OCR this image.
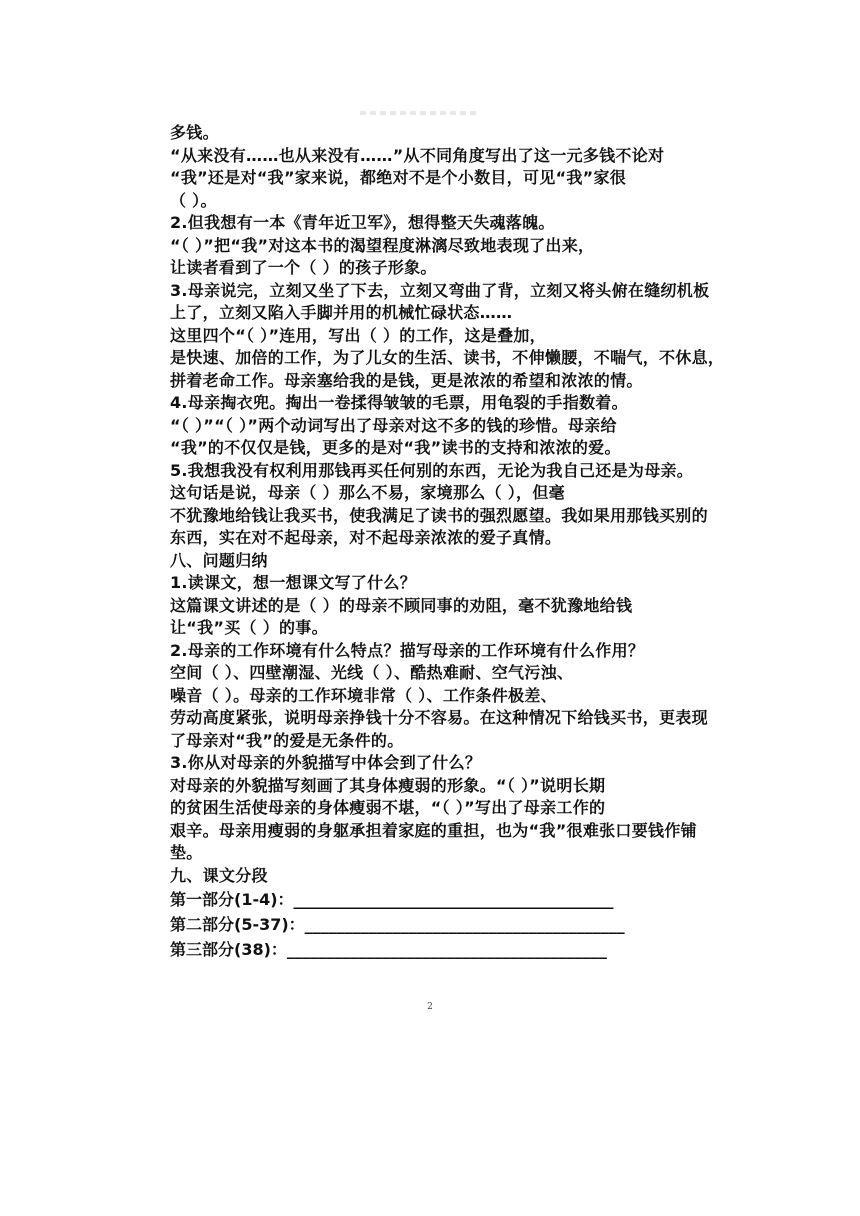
多钱。
“从来没有……也从来没有……”从不同角度写出了这一元多钱不论对
“我”还是对“我”家来说，都绝对不是个小数目，可见“我”家很
（ ）。
2.但我想有一本《青年近卫军》，想得整天失魂落魄。
“（ ）”把“我”对这本书的渴望程度淋漓尽致地表现了出来，
让读者看到了一个（ ）的孩子形象。
3.母亲说完，立刻又坐了下去，立刻又弯曲了背，立刻又将头俯在缝纫机板
上了，立刻又陷入手脚并用的机械忙碌状态……
这里四个“（ ）”连用，写出（ ）的工作，这是叠加，
是快速、加倍的工作，为了儿女的生活、读书，不伸懒腰，不喘气，不休息，
拼着老命工作。母亲塞给我的是钱，更是浓浓的希望和浓浓的情。
4.母亲掏衣兜。掏出一卷揉得皱皱的毛票，用龟裂的手指数着。
“（ ）”“（ ）”两个动词写出了母亲对这不多的钱的珍惜。母亲给
“我”的不仅仅是钱，更多的是对“我”读书的支持和浓浓的爱。
5.我想我没有权利用那钱再买任何别的东西，无论为我自己还是为母亲。
这句话是说，母亲（ ）那么不易，家境那么（ ），但毫
不犹豫地给钱让我买书，使我满足了读书的强烈愿望。我如果用那钱买别的
东西，实在对不起母亲，对不起母亲浓浓的爱子真情。
八、问题归纳
1.读课文，想一想课文写了什么？
这篇课文讲述的是（ ）的母亲不顾同事的劝阻，毫不犹豫地给钱
让“我”买（ ）的事。
2.母亲的工作环境有什么特点？描写母亲的工作环境有什么作用？
空间（ ）、四壁潮湿、光线（ ）、酷热难耐、空气污浊、
噪音（ ）。母亲的工作环境非常（ ）、工作条件极差、
劳动高度紧张，说明母亲挣钱十分不容易。在这种情况下给钱买书，更表现
了母亲对“我”的爱是无条件的。
3.你从对母亲的外貌描写中体会到了什么？
对母亲的外貌描写刻画了其身体瘦弱的形象。“（ ）”说明长期
的贫困生活使母亲的身体瘦弱不堪，“（ ）”写出了母亲工作的
艰辛。母亲用瘦弱的身躯承担着家庭的重担，也为“我”很难张口要钱作铺
垫。
九、课文分段
第一部分(1-4)：________________________________________
第二部分(5-37)：________________________________________
第三部分(38)：________________________________________
2
